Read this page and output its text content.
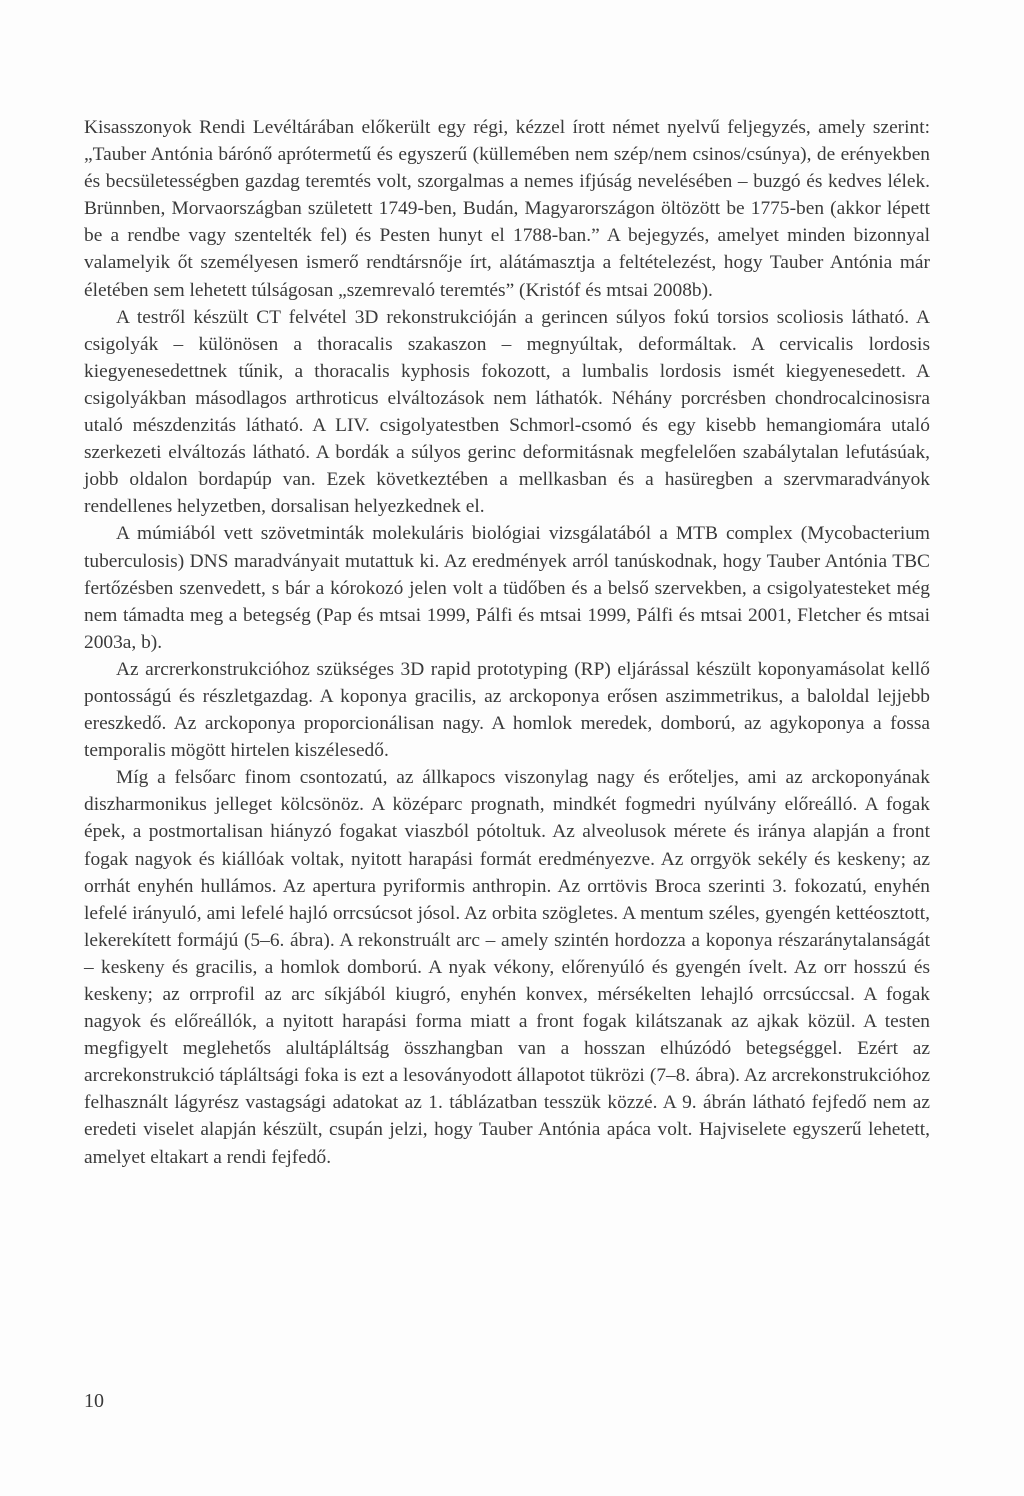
Kisasszonyok Rendi Levéltárában előkerült egy régi, kézzel írott német nyelvű feljegyzés, amely szerint: „Tauber Antónia bárónő aprótermetű és egyszerű (küllemében nem szép/nem csinos/csúnya), de erényekben és becsületességben gazdag teremtés volt, szorgalmas a nemes ifjúság nevelésében – buzgó és kedves lélek. Brünnben, Morvaországban született 1749-ben, Budán, Magyarországon öltözött be 1775-ben (akkor lépett be a rendbe vagy szentelték fel) és Pesten hunyt el 1788-ban.” A bejegyzés, amelyet minden bizonnyal valamelyik őt személyesen ismerő rendtársnője írt, alátámasztja a feltételezést, hogy Tauber Antónia már életében sem lehetett túlságosan „szemrevaló teremtés” (Kristóf és mtsai 2008b).

A testről készült CT felvétel 3D rekonstrukcióján a gerincen súlyos fokú torsios scoliosis látható. A csigolyák – különösen a thoracalis szakaszon – megnyúltak, deformáltak. A cervicalis lordosis kiegyenesedettnek tűnik, a thoracalis kyphosis fokozott, a lumbalis lordosis ismét kiegyenesedett. A csigolyákban másodlagos arthroticus elváltozások nem láthatók. Néhány porcrésben chondrocalcinosisra utaló mészdenzitás látható. A LIV. csigolyatestben Schmorl-csomó és egy kisebb hemangiomára utaló szerkezeti elváltozás látható. A bordák a súlyos gerinc deformitásnak megfelelően szabálytalan lefutásúak, jobb oldalon bordapúp van. Ezek következtében a mellkasban és a hasüregben a szervmaradványok rendellenes helyzetben, dorsalisan helyezkednek el.

A múmiából vett szövetminták molekuláris biológiai vizsgálatából a MTB complex (Mycobacterium tuberculosis) DNS maradványait mutattuk ki. Az eredmények arról tanúskodnak, hogy Tauber Antónia TBC fertőzésben szenvedett, s bár a kórokozó jelen volt a tüdőben és a belső szervekben, a csigolyatesteket még nem támadta meg a betegség (Pap és mtsai 1999, Pálfi és mtsai 1999, Pálfi és mtsai 2001, Fletcher és mtsai 2003a, b).

Az arcrerkonstrukcióhoz szükséges 3D rapid prototyping (RP) eljárással készült koponyamásolat kellő pontosságú és részletgazdag. A koponya gracilis, az arckoponya erősen aszimmetrikus, a baloldal lejjebb ereszkedő. Az arckoponya proporcionálisan nagy. A homlok meredek, domború, az agykoponya a fossa temporalis mögött hirtelen kiszélesedő.

Míg a felsőarc finom csontozatú, az állkapocs viszonylag nagy és erőteljes, ami az arckoponyának diszharmonikus jelleget kölcsönöz. A középarc prognath, mindkét fogmedri nyúlvány előreálló. A fogak épek, a postmortalisan hiányzó fogakat viaszból pótoltuk. Az alveolusok mérete és iránya alapján a front fogak nagyok és kiállóak voltak, nyitott harapási formát eredményezve. Az orrgyök sekély és keskeny; az orrhát enyhén hullámos. Az apertura pyriformis anthropin. Az orrtövis Broca szerinti 3. fokozatú, enyhén lefelé irányuló, ami lefelé hajló orrcsúcsot jósol. Az orbita szögletes. A mentum széles, gyengén kettéosztott, lekerekített formájú (5–6. ábra). A rekonstruált arc – amely szintén hordozza a koponya részaránytalanságát – keskeny és gracilis, a homlok domború. A nyak vékony, előrenyúló és gyengén ívelt. Az orr hosszú és keskeny; az orrprofil az arc síkjából kiugró, enyhén konvex, mérsékelten lehajló orrcsúccsal. A fogak nagyok és előreállók, a nyitott harapási forma miatt a front fogak kilátszanak az ajkak közül. A testen megfigyelt meglehetős alultápláltság összhangban van a hosszan elhúzódó betegséggel. Ezért az arcrekonstrukció tápláltsági foka is ezt a lesoványodott állapotot tükrözi (7–8. ábra). Az arcrekonstrukcióhoz felhasznált lágyrész vastagsági adatokat az 1. táblázatban tesszük közzé. A 9. ábrán látható fejfedő nem az eredeti viselet alapján készült, csupán jelzi, hogy Tauber Antónia apáca volt. Hajviselete egyszerű lehetett, amelyet eltakart a rendi fejfedő.

10
